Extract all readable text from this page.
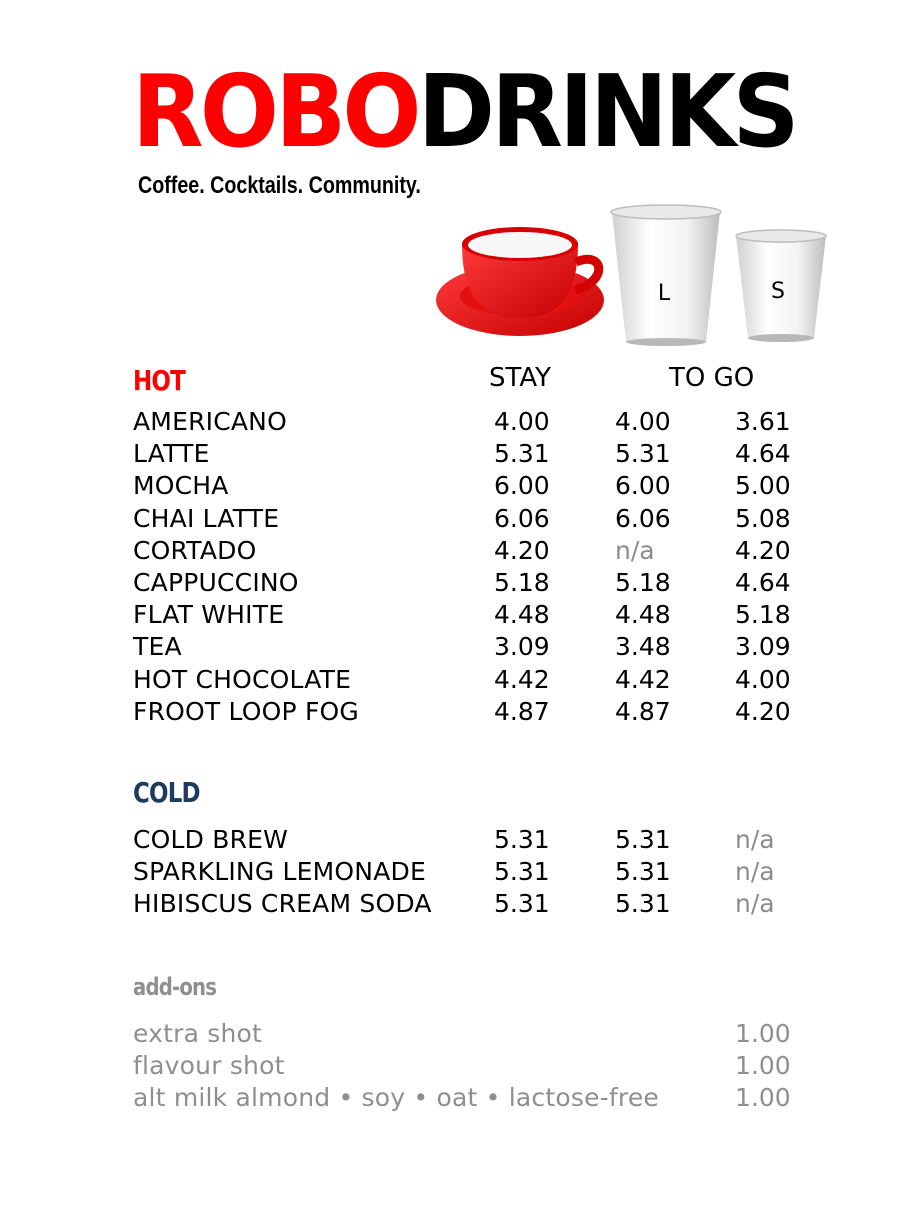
ROBODRINKS
Coffee. Cocktails. Community.
L	S
HOT	STAY	TO GO
AMERICANO	4.00	4.00	3.61
LATTE	5.31	5.31	4.64
MOCHA	6.00	6.00	5.00
CHAI LATTE	6.06	6.06	5.08
CORTADO	4.20	n/a	4.20
CAPPUCCINO	5.18	5.18	4.64
FLAT WHITE	4.48	4.48	5.18
TEA	3.09	3.48	3.09
HOT CHOCOLATE	4.42	4.42	4.00
FROOT LOOP FOG	4.87	4.87	4.20
COLD
COLD BREW	5.31	5.31	n/a
SPARKLING LEMONADE	5.31	5.31	n/a
HIBISCUS CREAM SODA 5.31	5.31	n/a
add-ons
extra shot	1.00
flavour shot	1.00
alt milk almond • soy • oat • lactose-free	1.00
